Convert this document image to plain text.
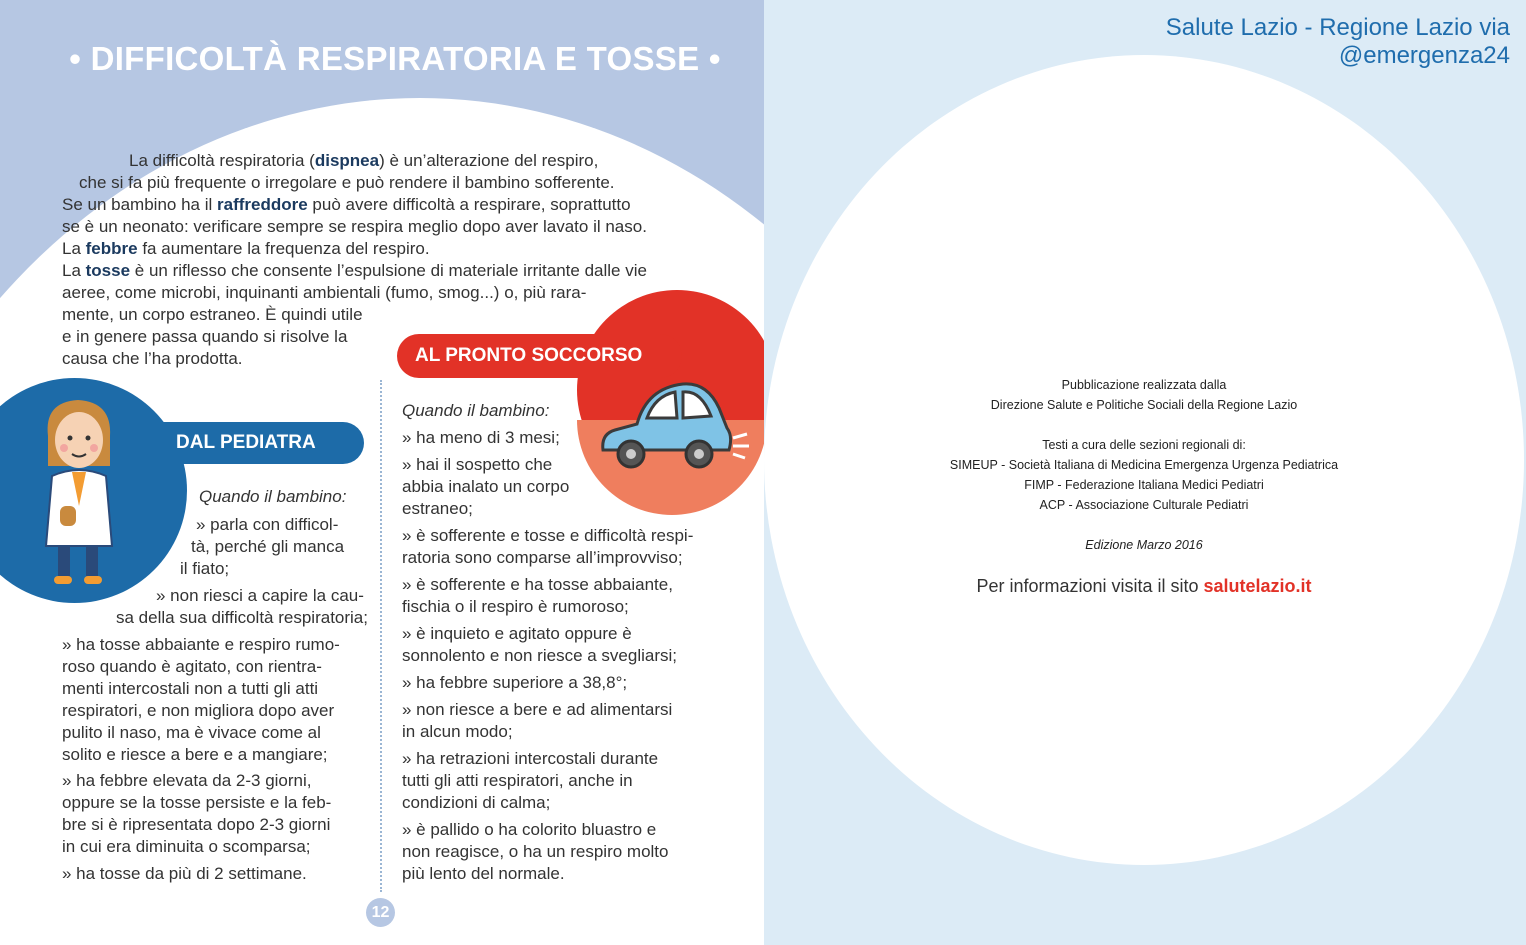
• DIFFICOLTÀ RESPIRATORIA E TOSSE •
La difficoltà respiratoria (dispnea) è un’alterazione del respiro,
che si fa più frequente o irregolare e può rendere il bambino sofferente.
Se un bambino ha il raffreddore può avere difficoltà a respirare, soprattutto
se è un neonato: verificare sempre se respira meglio dopo aver lavato il naso.
La febbre fa aumentare la frequenza del respiro.
La tosse è un riflesso che consente l’espulsione di materiale irritante dalle vie
aeree, come microbi, inquinanti ambientali (fumo, smog...) o, più rara-
mente, un corpo estraneo. È quindi utile
e in genere passa quando si risolve la
causa che l’ha prodotta.	AL PRONTO SOCCORSO
DAL PEDIATRA
Quando il bambino:
» parla con difficol-
tà, perché gli manca
il fiato;
» non riesci a capire la cau-
sa della sua difficoltà respiratoria;
» ha tosse abbaiante e respiro rumo-
roso quando è agitato, con rientra-
menti intercostali non a tutti gli atti
respiratori, e non migliora dopo aver
pulito il naso, ma è vivace come al
solito e riesce a bere e a mangiare;
» ha febbre elevata da 2-3 giorni,
oppure se la tosse persiste e la feb-
bre si è ripresentata dopo 2-3 giorni
in cui era diminuita o scomparsa;
» ha tosse da più di 2 settimane.
Quando il bambino:
» ha meno di 3 mesi;
» hai il sospetto che
abbia inalato un corpo
estraneo;
» è sofferente e tosse e difficoltà respi-
ratoria sono comparse all’improvviso;
» è sofferente e ha tosse abbaiante,
fischia o il respiro è rumoroso;
» è inquieto e agitato oppure è
sonnolento e non riesce a svegliarsi;
» ha febbre superiore a 38,8°;
» non riesce a bere e ad alimentarsi
in alcun modo;
» ha retrazioni intercostali durante
tutti gli atti respiratori, anche in
condizioni di calma;
» è pallido o ha colorito bluastro e
non reagisce, o ha un respiro molto
più lento del normale.
12
Salute Lazio - Regione Lazio via @emergenza24
Pubblicazione realizzata dalla
Direzione Salute e Politiche Sociali della Regione Lazio
Testi a cura delle sezioni regionali di:
SIMEUP - Società Italiana di Medicina Emergenza Urgenza Pediatrica
FIMP - Federazione Italiana Medici Pediatri
ACP - Associazione Culturale Pediatri
Edizione Marzo 2016
Per informazioni visita il sito salutelazio.it
